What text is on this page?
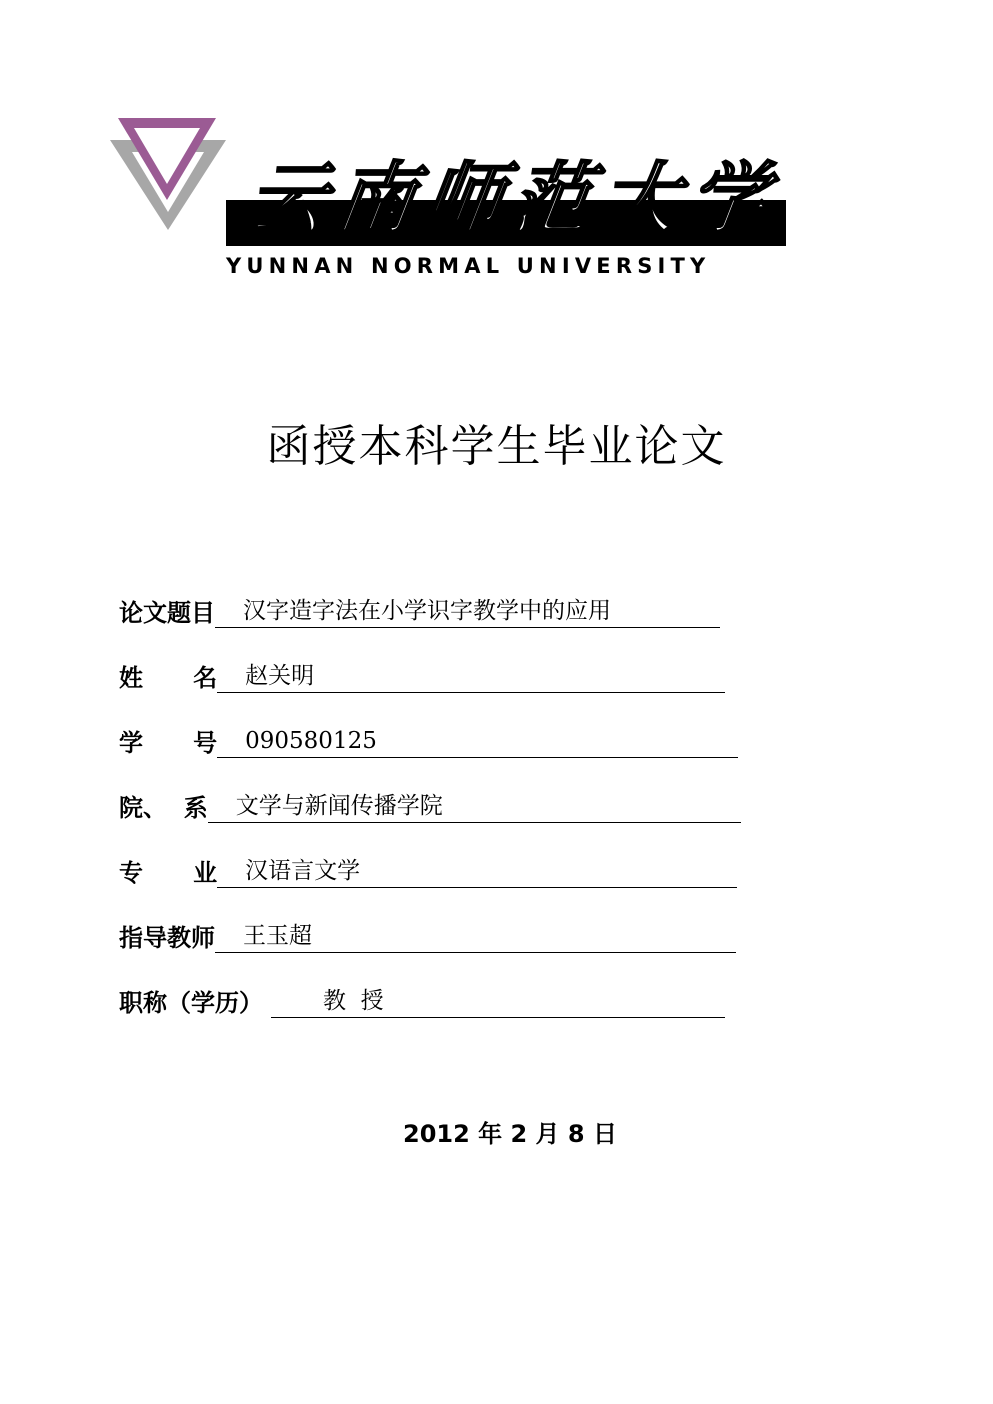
云南师范大学
YUNNAN NORMAL UNIVERSITY
函授本科学生毕业论文
论文题目	汉字造字法在小学识字教学中的应用
姓      名	赵关明
学      号	090580125
院、  系	文学与新闻传播学院
专      业	汉语言文学
指导教师	王玉超
职称（学历）	教  授
2012 年 2 月 8 日
